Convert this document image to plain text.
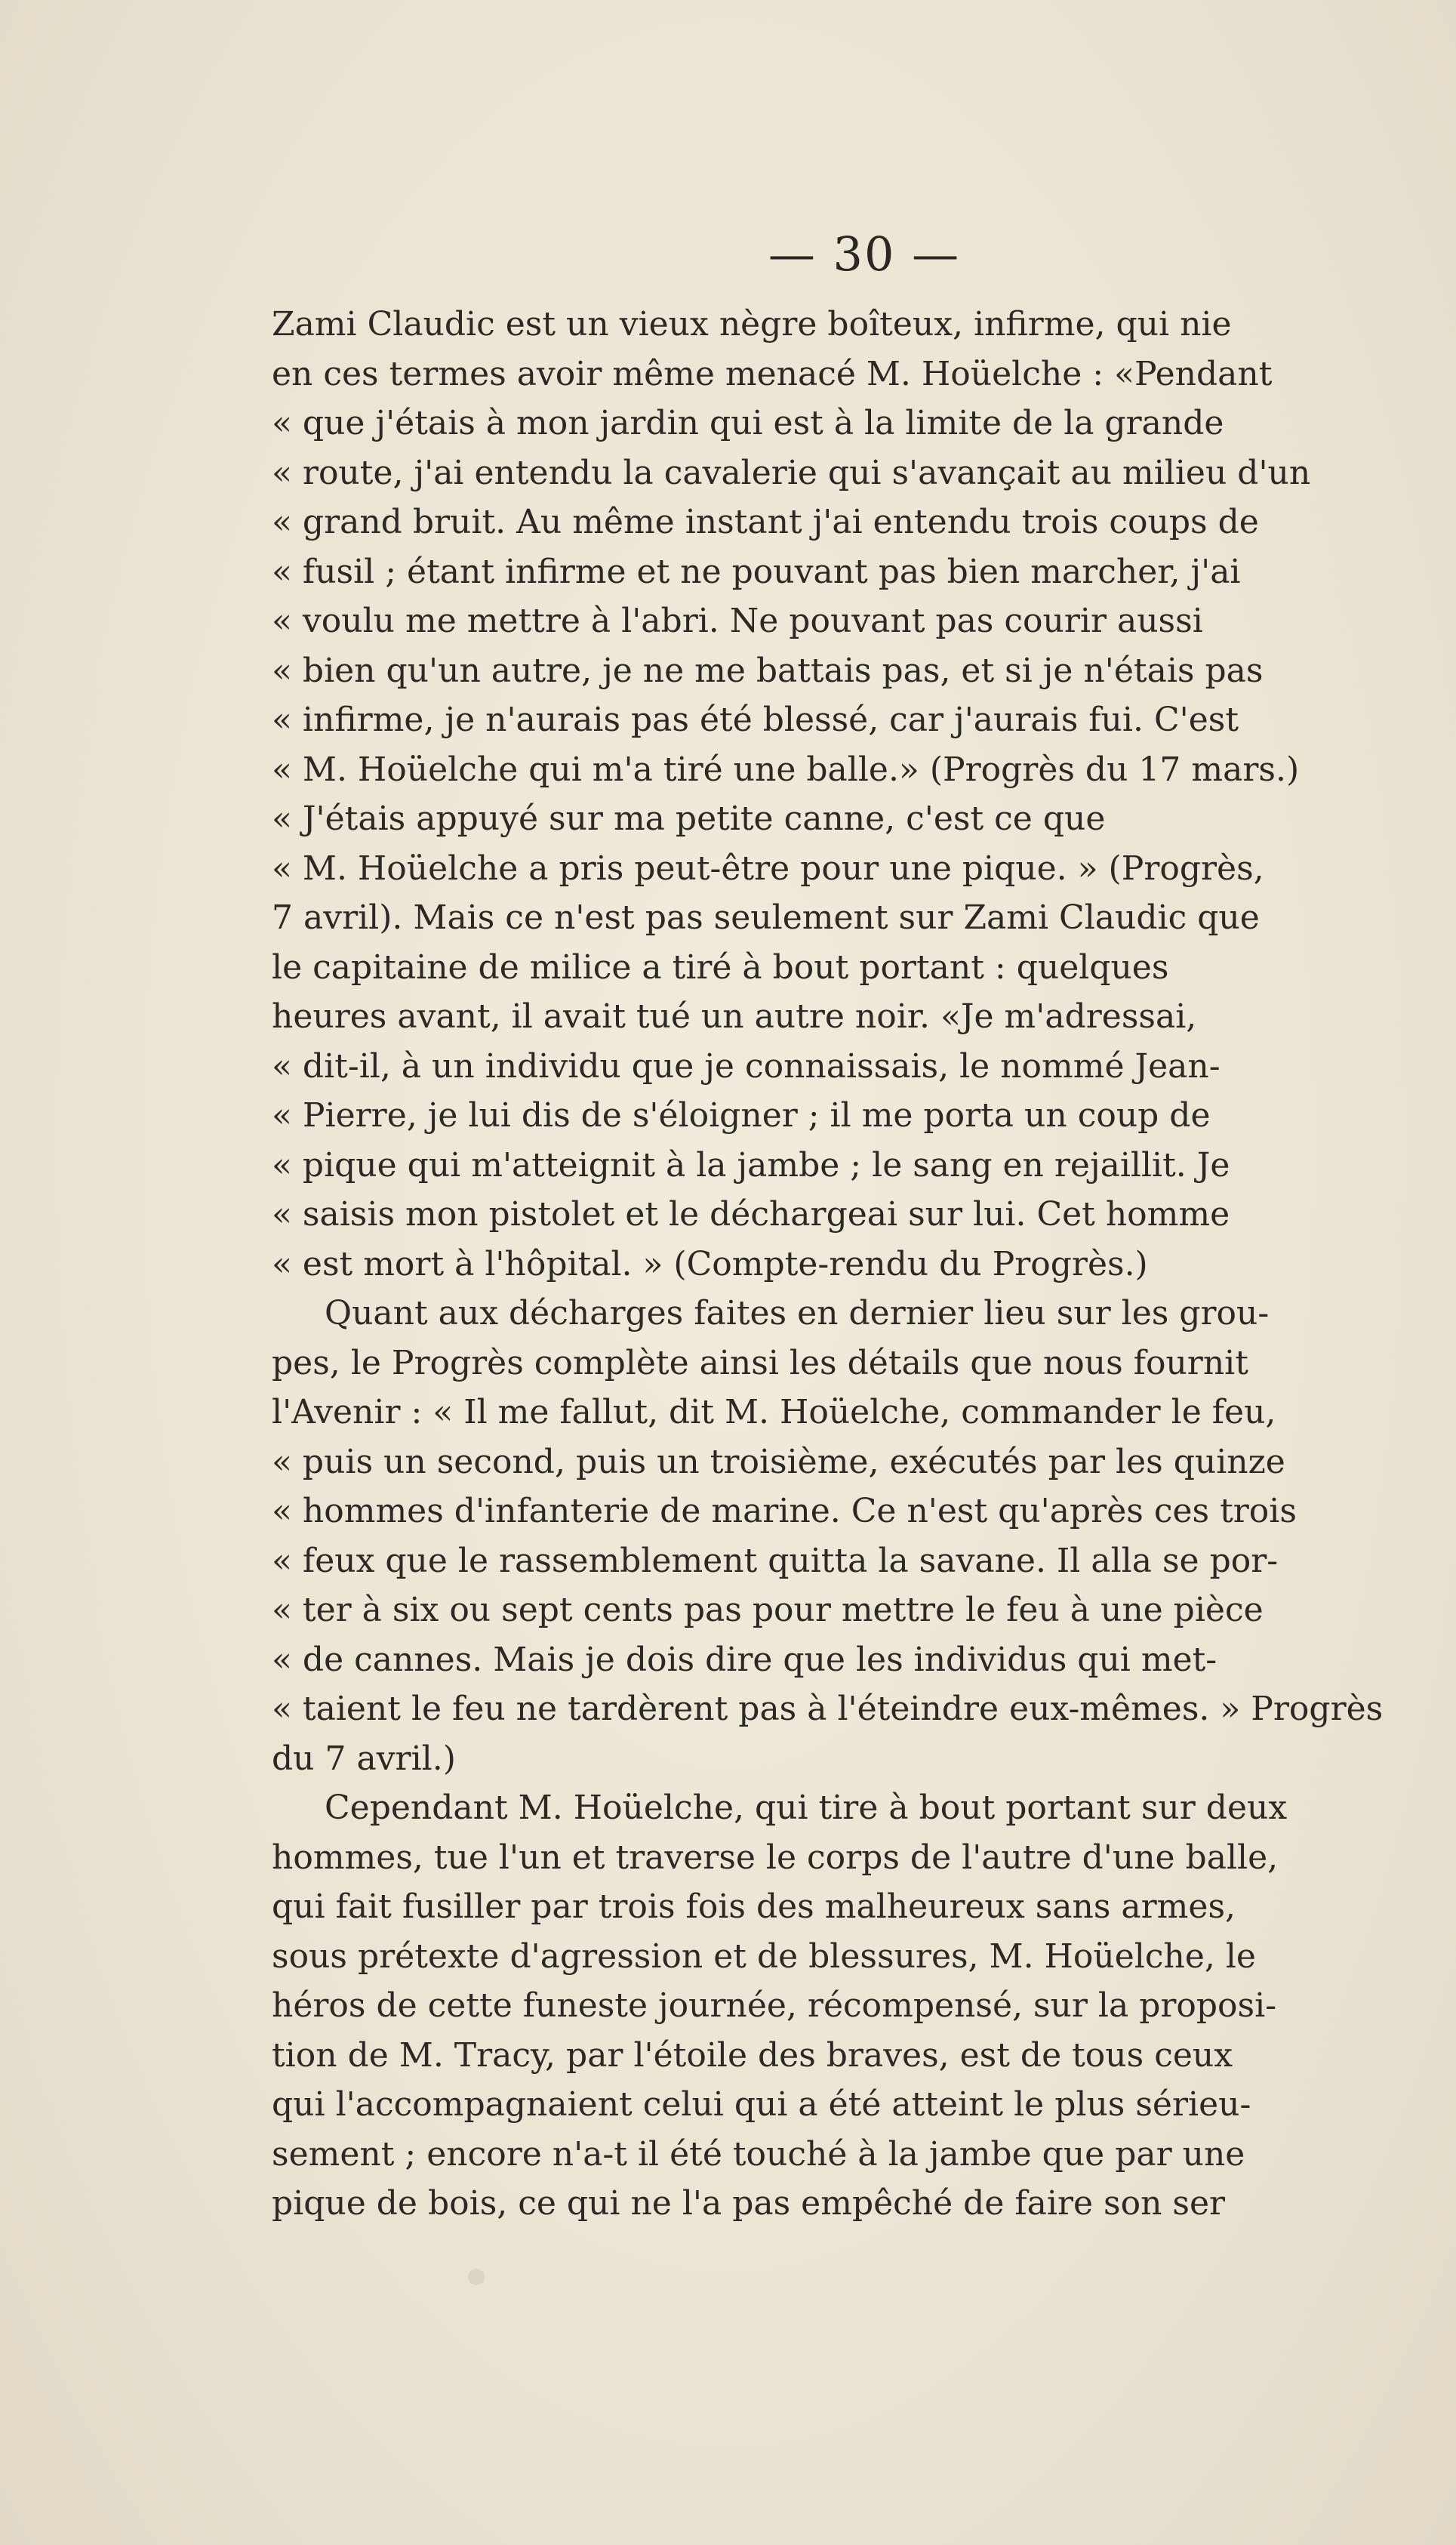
— 30 —
Zami Claudic est un vieux nègre boîteux, infirme, qui nie
en ces termes avoir même menacé M. Hoüelche : «Pendant
« que j'étais à mon jardin qui est à la limite de la grande
« route, j'ai entendu la cavalerie qui s'avançait au milieu d'un
« grand bruit. Au même instant j'ai entendu trois coups de
« fusil ; étant infirme et ne pouvant pas bien marcher, j'ai
« voulu me mettre à l'abri. Ne pouvant pas courir aussi
« bien qu'un autre, je ne me battais pas, et si je n'étais pas
« infirme, je n'aurais pas été blessé, car j'aurais fui. C'est
« M. Hoüelche qui m'a tiré une balle.» (Progrès du 17 mars.)
« J'étais appuyé sur ma petite canne, c'est ce que
« M. Hoüelche a pris peut-être pour une pique. » (Progrès,
7 avril). Mais ce n'est pas seulement sur Zami Claudic que
le capitaine de milice a tiré à bout portant : quelques
heures avant, il avait tué un autre noir. «Je m'adressai,
« dit-il, à un individu que je connaissais, le nommé Jean-
« Pierre, je lui dis de s'éloigner ; il me porta un coup de
« pique qui m'atteignit à la jambe ; le sang en rejaillit. Je
« saisis mon pistolet et le déchargeai sur lui. Cet homme
« est mort à l'hôpital. » (Compte-rendu du Progrès.)
Quant aux décharges faites en dernier lieu sur les grou-
pes, le Progrès complète ainsi les détails que nous fournit
l'Avenir : « Il me fallut, dit M. Hoüelche, commander le feu,
« puis un second, puis un troisième, exécutés par les quinze
« hommes d'infanterie de marine. Ce n'est qu'après ces trois
« feux que le rassemblement quitta la savane. Il alla se por-
« ter à six ou sept cents pas pour mettre le feu à une pièce
« de cannes. Mais je dois dire que les individus qui met-
« taient le feu ne tardèrent pas à l'éteindre eux-mêmes. » Progrès
du 7 avril.)
Cependant M. Hoüelche, qui tire à bout portant sur deux
hommes, tue l'un et traverse le corps de l'autre d'une balle,
qui fait fusiller par trois fois des malheureux sans armes,
sous prétexte d'agression et de blessures, M. Hoüelche, le
héros de cette funeste journée, récompensé, sur la proposi-
tion de M. Tracy, par l'étoile des braves, est de tous ceux
qui l'accompagnaient celui qui a été atteint le plus sérieu-
sement ; encore n'a-t il été touché à la jambe que par une
pique de bois, ce qui ne l'a pas empêché de faire son ser
